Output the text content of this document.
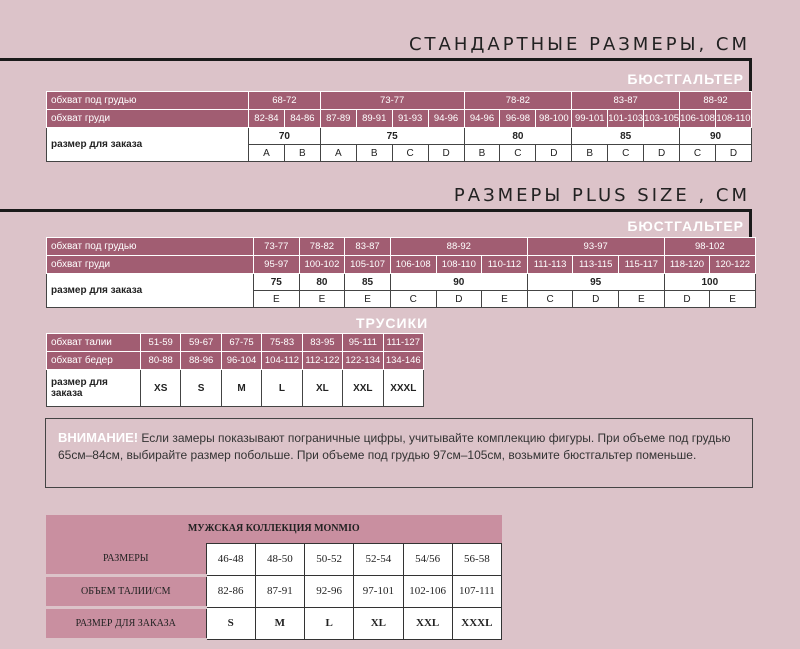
СТАНДАРТНЫЕ РАЗМЕРЫ, СМ
БЮСТГАЛЬТЕР
обхват под грудью	68-72		73-77				78-82			83-87			88-92	
обхват груди	82-84	84-86	87-89	89-91	91-93	94-96	94-96	96-98	98-100	99-101	101-103	103-105	106-108	108-110
размер для заказа	70		75				80			85			90	
	A	B	A	B	C	D	B	C	D	B	C	D	C	D
РАЗМЕРЫ PLUS SIZE , СМ
БЮСТГАЛЬТЕР
обхват под грудью	73-77	78-82	83-87	88-92			93-97			98-102	
обхват груди	95-97	100-102	105-107	106-108	108-110	110-112	111-113	113-115	115-117	118-120	120-122
размер для заказа	75	80	85	90			95			100	
	E	E	E	C	D	E	C	D	E	D	E
ТРУСИКИ
обхват талии	51-59	59-67	67-75	75-83	83-95	95-111	111-127
обхват бедер	80-88	88-96	96-104	104-112	112-122	122-134	134-146
размер для заказа	XS	S	M	L	XL	XXL	XXXL
ВНИМАНИЕ! Если замеры показывают пограничные цифры, учитывайте комплекцию фигуры. При объеме под грудью 65см–84см, выбирайте размер побольше. При объеме под грудью 97см–105см, возьмите бюстгальтер поменьше.
МУЖСКАЯ КОЛЛЕКЦИЯ MONMIO						
РАЗМЕРЫ	46-48	48-50	50-52	52-54	54/56	56-58
ОБЪЕМ ТАЛИИ/СМ	82-86	87-91	92-96	97-101	102-106	107-111
РАЗМЕР ДЛЯ ЗАКАЗА	S	M	L	XL	XXL	XXXL
